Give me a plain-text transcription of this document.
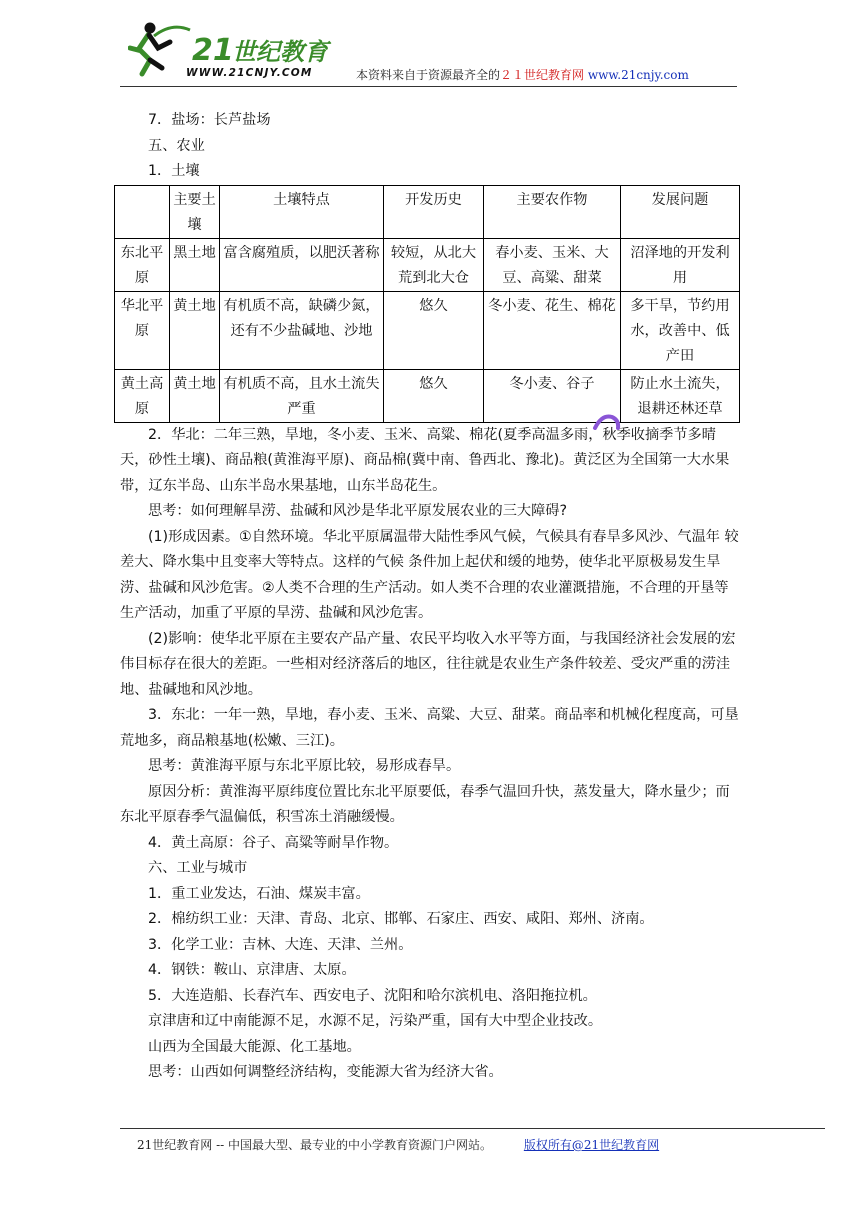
21
世纪教育
WWW.21CNJY.COM	本资料来自于资源最齐全的２１世纪教育网 www.21cnjy.com

7．盐场：长芦盐场

五、农业

1．土壤

	主要土壤	土壤特点	开发历史	主要农作物	发展问题
东北平原	黑土地	富含腐殖质，以肥沃著称	较短，从北大荒到北大仓	春小麦、玉米、大豆、高粱、甜菜	沼泽地的开发利用
华北平原	黄土地	有机质不高，缺磷少氮，还有不少盐碱地、沙地	悠久	冬小麦、花生、棉花	多干旱，节约用水，改善中、低产田
黄土高原	黄土地	有机质不高，且水土流失严重	悠久	冬小麦、谷子	防止水土流失，退耕还林还草

2．华北：二年三熟，旱地，冬小麦、玉米、高粱、棉花(夏季高温多雨，秋季收摘季节多晴天，砂性土壤)、商品粮(黄淮海平原)、商品棉(冀中南、鲁西北、豫北)。黄泛区为全国第一大水果带，辽东半岛、山东半岛水果基地，山东半岛花生。

思考：如何理解旱涝、盐碱和风沙是华北平原发展农业的三大障碍?

(1)形成因素。①自然环境。华北平原属温带大陆性季风气候，气候具有春旱多风沙、气温年 较差大、降水集中且变率大等特点。这样的气候 条件加上起伏和缓的地势，使华北平原极易发生旱涝、盐碱和风沙危害。②人类不合理的生产活动。如人类不合理的农业灌溉措施，不合理的开垦等生产活动，加重了平原的旱涝、盐碱和风沙危害。

(2)影响：使华北平原在主要农产品产量、农民平均收入水平等方面，与我国经济社会发展的宏伟目标存在很大的差距。一些相对经济落后的地区，往往就是农业生产条件较差、受灾严重的涝洼地、盐碱地和风沙地。

3．东北：一年一熟，旱地，春小麦、玉米、高粱、大豆、甜菜。商品率和机械化程度高，可垦荒地多，商品粮基地(松嫩、三江)。

思考：黄淮海平原与东北平原比较，易形成春旱。

原因分析：黄淮海平原纬度位置比东北平原要低，春季气温回升快，蒸发量大，降水量少；而东北平原春季气温偏低，积雪冻土消融缓慢。

4．黄土高原：谷子、高粱等耐旱作物。

六、工业与城市

1．重工业发达，石油、煤炭丰富。

2．棉纺织工业：天津、青岛、北京、邯郸、石家庄、西安、咸阳、郑州、济南。

3．化学工业：吉林、大连、天津、兰州。

4．钢铁：鞍山、京津唐、太原。

5．大连造船、长春汽车、西安电子、沈阳和哈尔滨机电、洛阳拖拉机。

京津唐和辽中南能源不足，水源不足，污染严重，国有大中型企业技改。

山西为全国最大能源、化工基地。

思考：山西如何调整经济结构，变能源大省为经济大省。

21世纪教育网 -- 中国最大型、最专业的中小学教育资源门户网站。	版权所有@21世纪教育网
